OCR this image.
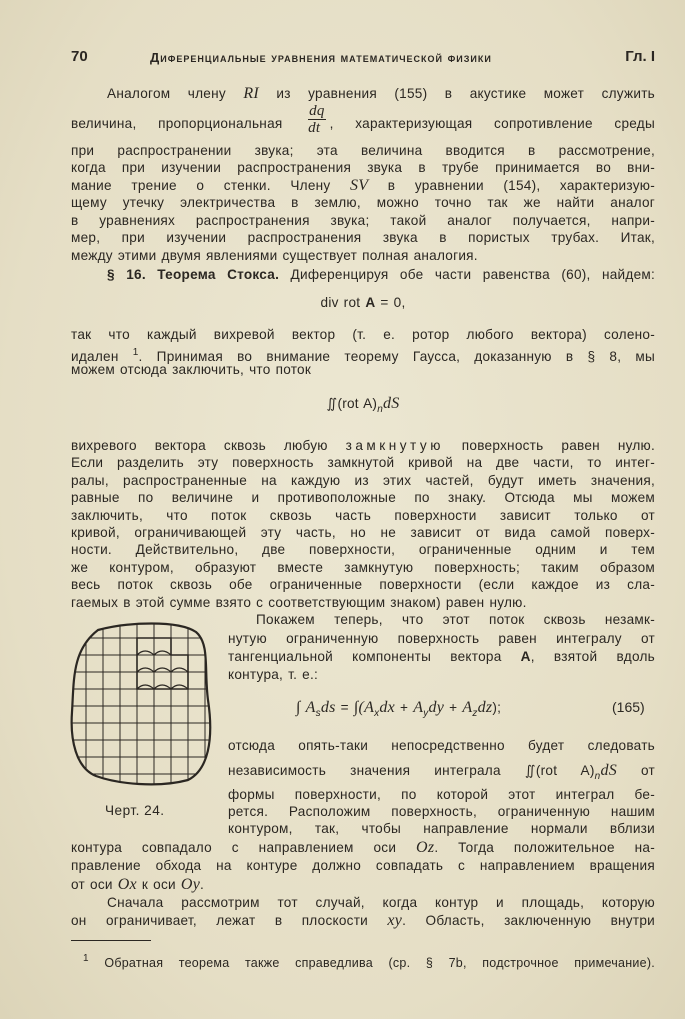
70	Диференциальные уравнения математической физики	Гл. I
Аналогом члену RI из уравнения (155) в акустике может служить
величина, пропорциональная $\frac{dq}{dt}$ , характеризующая сопротивление среды
при распространении звука; эта величина вводится в рассмотрение,
когда при изучении распространения звука в трубе принимается во вни-
мание трение о стенки. Члену SV в уравнении (154), характеризую-
щему утечку электричества в землю, можно точно так же найти аналог
в уравнениях распространения звука; такой аналог получается, напри-
мер, при изучении распространения звука в пористых трубах. Итак,
между этими двумя явлениями существует полная аналогия.
§ 16. Теорема Стокса. Диференцируя обе части равенства (60), найдем:
div rot A = 0,
так что каждый вихревой вектор (т. е. ротор любого вектора) солено-
идален $^1$. Принимая во внимание теорему Гаусса, доказанную в § 8, мы
можем отсюда заключить, что поток
∬(rot $A)_ndS$
вихревого вектора сквозь любую замкнутую поверхность равен нулю.
Если разделить эту поверхность замкнутой кривой на две части, то интег-
ралы, распространенные на каждую из этих частей, будут иметь значения,
равные по величине и противоположные по знаку. Отсюда мы можем
заключить, что поток сквозь часть поверхности зависит только от
кривой, ограничивающей эту часть, но не зависит от вида самой поверх-
ности. Действительно, две поверхности, ограниченные одним и тем
же контуром, образуют вместе замкнутую поверхность; таким образом
весь поток сквозь обе ограниченные поверхности (если каждое из сла-
гаемых в этой сумме взято с соответствующим знаком) равен нулю.
Покажем теперь, что этот поток сквозь незамк-
нутую ограниченную поверхность равен интегралу от
тангенциальной компоненты вектора A, взятой вдоль
контура, т. е.:
∫ $A_sds = \int(A_xdx + A_ydy + A_zdz)$;
отсюда опять-таки непосредственно будет следовать
независимость значения интеграла ∬(rot $A)_ndS$ от
формы поверхности, по которой этот интеграл бе-
рется. Расположим поверхность, ограниченную нашим
контуром, так, чтобы направление нормали вблизи
контура совпадало с направлением оси Oz. Тогда положительное на-
правление обхода на контуре должно совпадать с направлением вращения
от оси Ox к оси Oy.
Сначала рассмотрим тот случай, когда контур и площадь, которую
он ограничивает, лежат в плоскости xy. Область, заключенную внутри
$^1$ Обратная теорема также справедлива (ср. § 7b, подстрочное примечание).
(165)
Черт. 24.
